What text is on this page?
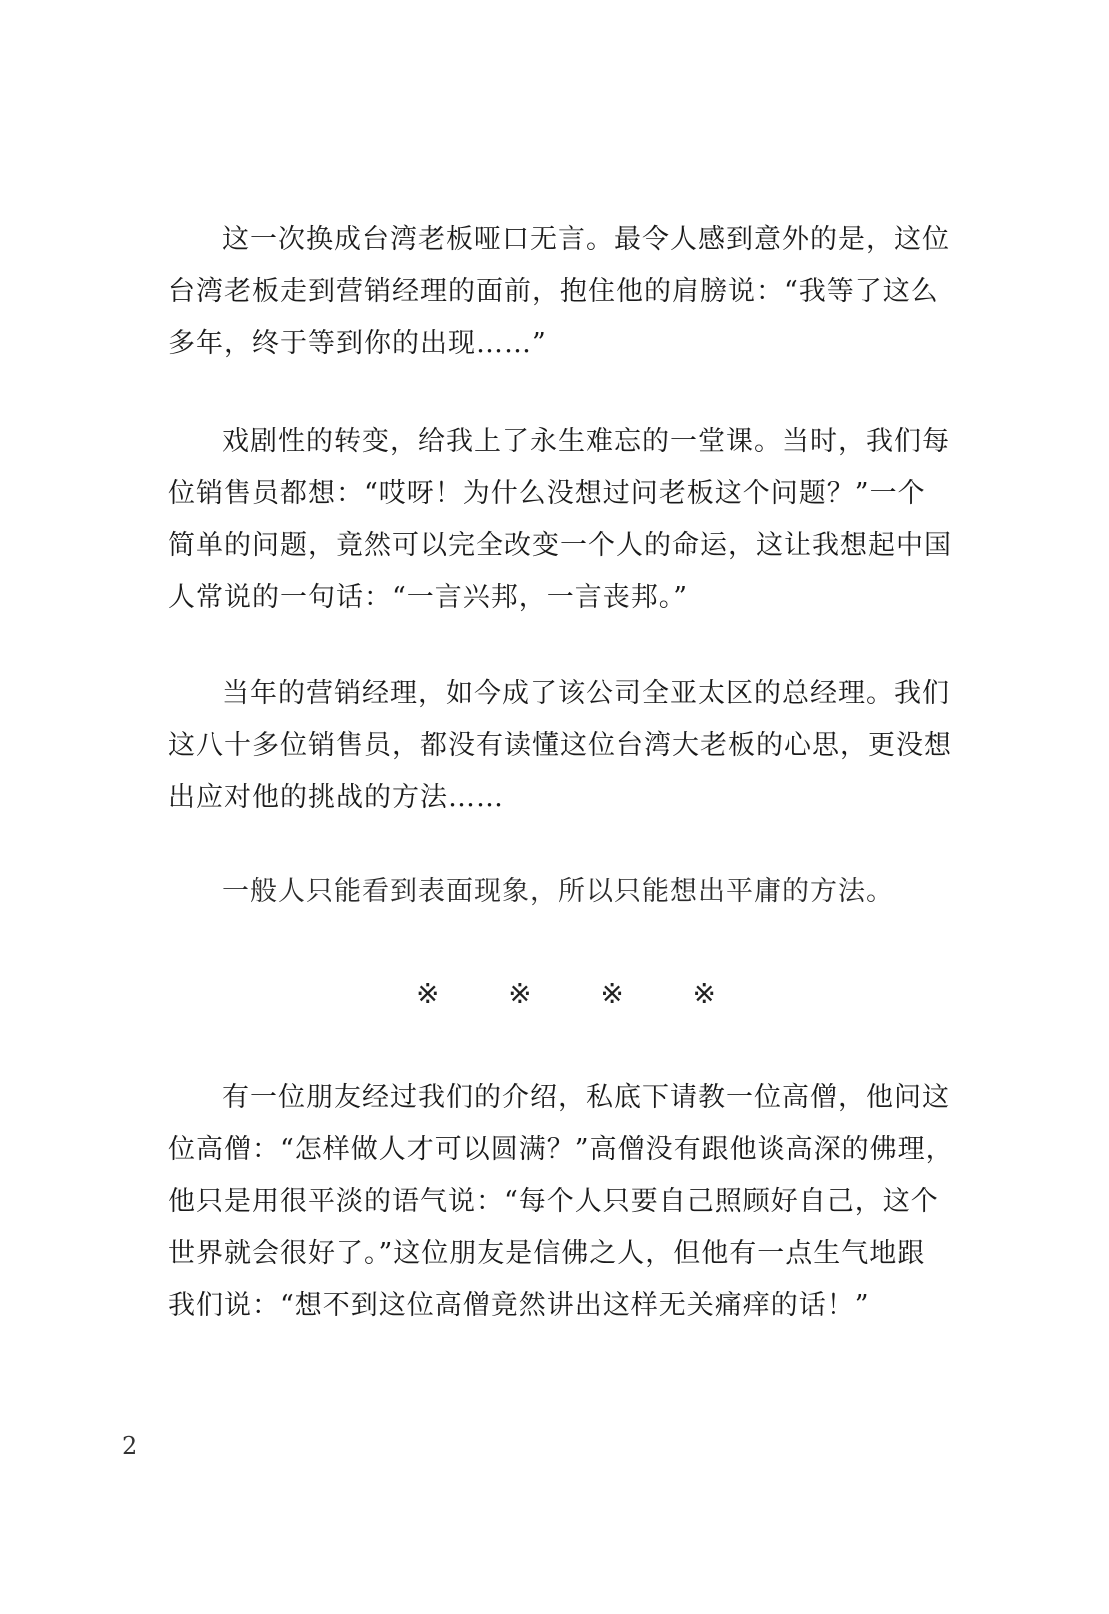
这一次换成台湾老板哑口无言。最令人感到意外的是，这位
台湾老板走到营销经理的面前，抱住他的肩膀说：“我等了这么
多年，终于等到你的出现……”
戏剧性的转变，给我上了永生难忘的一堂课。当时，我们每
位销售员都想：“哎呀！为什么没想过问老板这个问题？”一个
简单的问题，竟然可以完全改变一个人的命运，这让我想起中国
人常说的一句话：“一言兴邦，一言丧邦。”
当年的营销经理，如今成了该公司全亚太区的总经理。我们
这八十多位销售员，都没有读懂这位台湾大老板的心思，更没想
出应对他的挑战的方法……

一般人只能看到表面现象，所以只能想出平庸的方法。

※ ※ ※ ※
有一位朋友经过我们的介绍，私底下请教一位高僧，他问这
位高僧：“怎样做人才可以圆满？”高僧没有跟他谈高深的佛理，
他只是用很平淡的语气说：“每个人只要自己照顾好自己，这个
世界就会很好了。”这位朋友是信佛之人，但他有一点生气地跟
我们说：“想不到这位高僧竟然讲出这样无关痛痒的话！”
2
